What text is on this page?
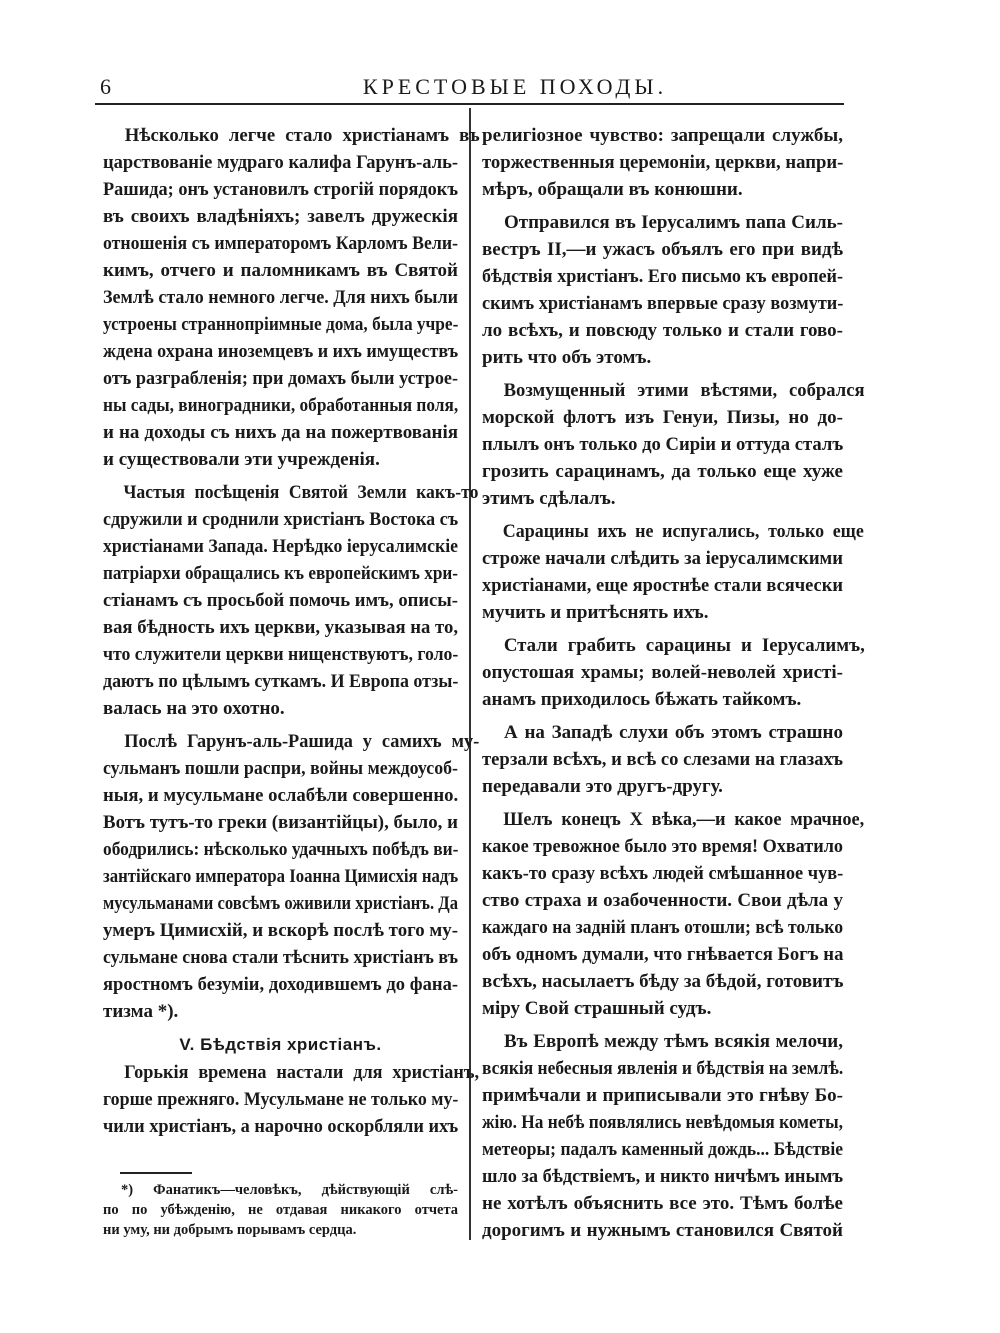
6	КРЕСТОВЫЕ ПОХОДЫ.
Нѣсколько легче стало христіанамъ въ
царствованіе мудраго калифа Гарунъ-аль-
Рашида; онъ установилъ строгій порядокъ
въ своихъ владѣніяхъ; завелъ дружескія
отношенія съ императоромъ Карломъ Вели-
кимъ, отчего и паломникамъ въ Святой
Землѣ стало немного легче. Для нихъ были
устроены страннопріимные дома, была учре-
ждена охрана иноземцевъ и ихъ имуществъ
отъ разграбленія; при домахъ были устрое-
ны сады, виноградники, обработанныя поля,
и на доходы съ нихъ да на пожертвованія
и существовали эти учрежденія.
Частыя посѣщенія Святой Земли какъ-то
сдружили и сроднили христіанъ Востока съ
христіанами Запада. Нерѣдко іерусалимскіе
патріархи обращались къ европейскимъ хри-
стіанамъ съ просьбой помочь имъ, описы-
вая бѣдность ихъ церкви, указывая на то,
что служители церкви нищенствуютъ, голо-
даютъ по цѣлымъ суткамъ. И Европа отзы-
валась на это охотно.
Послѣ Гарунъ-аль-Рашида у самихъ му-
сульманъ пошли распри, войны междоусоб-
ныя, и мусульмане ослабѣли совершенно.
Вотъ тутъ-то греки (византійцы), было, и
ободрились: нѣсколько удачныхъ побѣдъ ви-
зантійскаго императора Іоанна Цимисхія надъ
мусульманами совсѣмъ оживили христіанъ. Да
умеръ Цимисхій, и вскорѣ послѣ того му-
сульмане снова стали тѣснить христіанъ въ
яростномъ безуміи, доходившемъ до фана-
тизма *).
V. Бѣдствія христіанъ.
Горькія времена настали для христіанъ,
горше прежняго. Мусульмане не только му-
чили христіанъ, а нарочно оскорбляли ихъ
религіозное чувство: запрещали службы,
торжественныя церемоніи, церкви, напри-
мѣръ, обращали въ конюшни.
Отправился въ Іерусалимъ папа Силь-
вестръ II,—и ужасъ объялъ его при видѣ
бѣдствія христіанъ. Его письмо къ европей-
скимъ христіанамъ впервые сразу возмути-
ло всѣхъ, и повсюду только и стали гово-
рить что объ этомъ.
Возмущенный этими вѣстями, собрался
морской флотъ изъ Генуи, Пизы, но до-
плылъ онъ только до Сиріи и оттуда сталъ
грозить сарацинамъ, да только еще хуже
этимъ сдѣлалъ.
Сарацины ихъ не испугались, только еще
строже начали слѣдить за іерусалимскими
христіанами, еще яростнѣе стали всячески
мучить и притѣснять ихъ.
Стали грабить сарацины и Іерусалимъ,
опустошая храмы; волей-неволей христі-
анамъ приходилось бѣжать тайкомъ.
А на Западѣ слухи объ этомъ страшно
терзали всѣхъ, и всѣ со слезами на глазахъ
передавали это другъ-другу.
Шелъ конецъ X вѣка,—и какое мрачное,
какое тревожное было это время! Охватило
какъ-то сразу всѣхъ людей смѣшанное чув-
ство страха и озабоченности. Свои дѣла у
каждаго на задній планъ отошли; всѣ только
объ одномъ думали, что гнѣвается Богъ на
всѣхъ, насылаетъ бѣду за бѣдой, готовитъ
міру Свой страшный судъ.
Въ Европѣ между тѣмъ всякія мелочи,
всякія небесныя явленія и бѣдствія на землѣ.
примѣчали и приписывали это гнѣву Бо-
жію. На небѣ появлялись невѣдомыя кометы,
метеоры; падалъ каменный дождь... Бѣдствіе
шло за бѣдствіемъ, и никто ничѣмъ инымъ
не хотѣлъ объяснить все это. Тѣмъ болѣе
дорогимъ и нужнымъ становился Святой
*) Фанатикъ—человѣкъ, дѣйствующій слѣ-
по по убѣжденію, не отдавая никакого отчета
ни уму, ни добрымъ порывамъ сердца.
